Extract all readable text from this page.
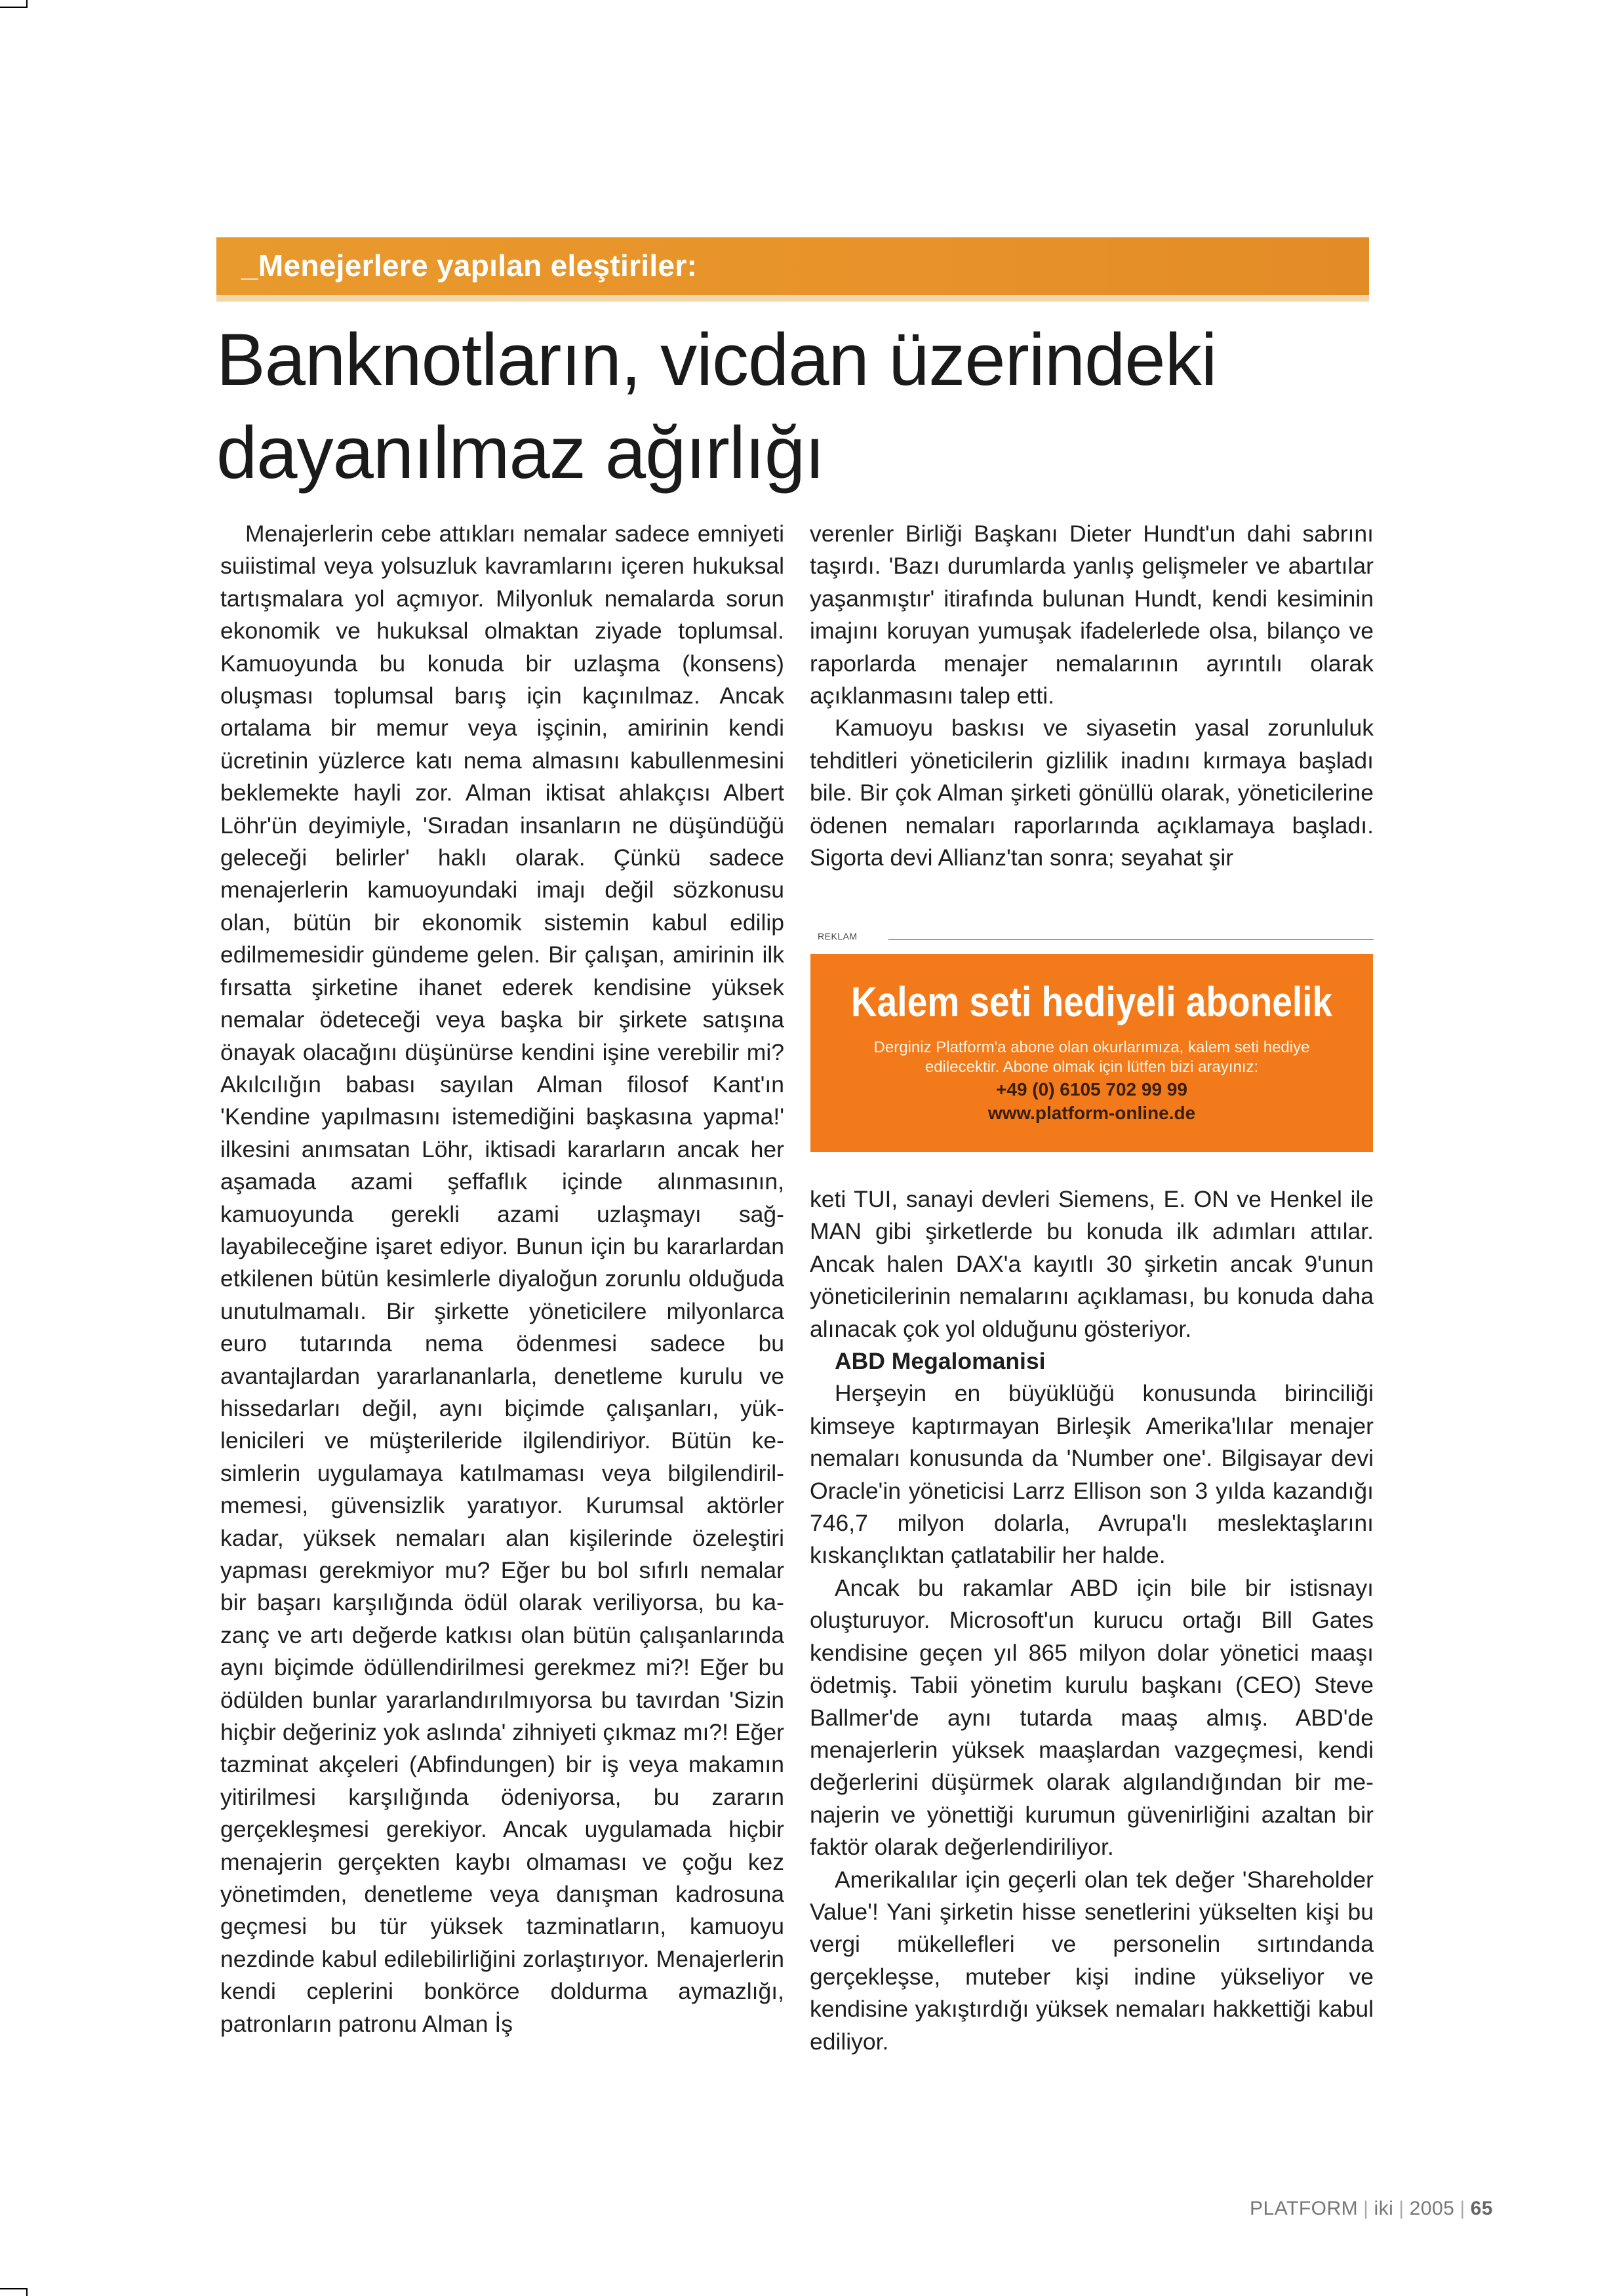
_Menejerlere yapılan eleştiriler:
Banknotların, vicdan üzerindeki
dayanılmaz ağırlığı

Menajerlerin cebe attıkları nemalar sadece emniyeti suiistimal veya yolsuzluk kavramlarını içeren hukuksal tartışmalara yol açmıyor. Milyonluk nemalarda sorun ekonomik ve hukuksal olmaktan ziyade toplumsal. Kamuoyunda bu konuda bir uzlaşma (konsens) oluşması toplumsal barış için kaçınılmaz. Ancak ortalama bir memur veya işçinin, amirinin kendi ücretinin yüzlerce katı nema almasını kabullenmesini beklemekte hayli zor. Alman iktisat ahlakçısı Albert Löhr'ün deyimiyle, 'Sıradan insanların ne düşündüğü geleceği belirler' haklı olarak. Çünkü sadece menajerlerin kamuoyundaki imajı değil sözkonusu olan, bütün bir ekonomik sistemin kabul edilip edilmemesidir gündeme gelen. Bir çalışan, amirinin ilk fırsatta şirketine ihanet ederek kendisine yüksek nemalar ödeteceği veya başka bir şirkete satışına önayak olacağını düşünürse kendini işine verebilir mi? Akılcılığın babası sayılan Alman filosof Kant'ın 'Kendine yapılmasını istemediğini başkasına yapma!' ilkesini anımsatan Löhr, iktisadi kararların ancak her aşamada azami şeffaflık içinde alınmasının, kamuoyunda gerekli azami uzlaşmayı sağlayabileceğine işaret ediyor. Bunun için bu kararlardan etkilenen bütün kesimlerle diyaloğun zorunlu olduğuda unutulmamalı. Bir şirkette yöneticilere milyonlarca euro tutarında nema ödenmesi sadece bu avantajlardan yararlananlarla, denetleme kurulu ve hissedarları değil, aynı biçimde çalışanları, yüklenicileri ve müşterileride ilgilendiriyor. Bütün kesimlerin uygulamaya katılmaması veya bilgilendirilmemesi, güvensizlik yaratıyor. Kurumsal aktörler kadar, yüksek nemaları alan kişilerinde özeleştiri yapması gerekmiyor mu? Eğer bu bol sıfırlı nemalar bir başarı karşılığında ödül olarak veriliyorsa, bu kazanç ve artı değerde katkısı olan bütün çalışanlarında aynı biçimde ödüllendirilmesi gerekmez mi?! Eğer bu ödülden bunlar yararlandırılmıyorsa bu tavırdan 'Sizin hiçbir değeriniz yok aslında' zihniyeti çıkmaz mı?! Eğer tazminat akçeleri (Abfindungen) bir iş veya makamın yitirilmesi karşılığında ödeniyorsa, bu zararın gerçekleşmesi gerekiyor. Ancak uygulamada hiçbir menajerin gerçekten kaybı olmaması ve çoğu kez yönetimden, denetleme veya danışman kadrosuna geçmesi bu tür yüksek tazminatların, kamuoyu nezdinde kabul edilebilirliğini zorlaştırıyor. Menajerlerin kendi ceplerini bonkörce doldurma aymazlığı, patronların patronu Alman İş

verenler Birliği Başkanı Dieter Hundt'un dahi sabrını taşırdı. 'Bazı durumlarda yanlış gelişmeler ve abartılar yaşanmıştır' itirafında bulunan Hundt, kendi kesiminin imajını koruyan yumuşak ifadelerlede olsa, bilanço ve raporlarda menajer nemalarının ayrıntılı olarak açıklanmasını talep etti.

Kamuoyu baskısı ve siyasetin yasal zorunluluk tehditleri yöneticilerin gizlilik inadını kırmaya başladı bile. Bir çok Alman şirketi gönüllü olarak, yöneticilerine ödenen nemaları raporlarında açıklamaya başladı. Sigorta devi Allianz'tan sonra; seyahat şir

REKLAM
Kalem seti hediyeli abonelik
Derginiz Platform'a abone olan okurlarımıza, kalem seti hediye
edilecektir. Abone olmak için lütfen bizi arayınız:
+49 (0) 6105 702 99 99
www.platform-online.de

keti TUI, sanayi devleri Siemens, E. ON ve Henkel ile MAN gibi şirketlerde bu konuda ilk adımları attılar. Ancak halen DAX'a kayıtlı 30 şirketin ancak 9'unun yöneticilerinin nemalarını açıklaması, bu konuda daha alınacak çok yol olduğunu gösteriyor.

ABD Megalomanisi

Herşeyin en büyüklüğü konusunda birinciliği kimseye kaptırmayan Birleşik Amerika'lılar menajer nemaları konusunda da 'Number one'. Bilgisayar devi Oracle'in yöneticisi Larrz Ellison son 3 yılda kazandığı 746,7 milyon dolarla, Avrupa'lı meslektaşlarını kıskançlıktan çatlatabilir her halde.

Ancak bu rakamlar ABD için bile bir istisnayı oluşturuyor. Microsoft'un kurucu ortağı Bill Gates kendisine geçen yıl 865 milyon dolar yönetici maaşı ödetmiş. Tabii yönetim kurulu başkanı (CEO) Steve Ballmer'de aynı tutarda maaş almış. ABD'de menajerlerin yüksek maaşlardan vazgeçmesi, kendi değerlerini düşürmek olarak algılandığından bir menajerin ve yönettiği kurumun güvenirliğini azaltan bir faktör olarak değerlendiriliyor.

Amerikalılar için geçerli olan tek değer 'Shareholder Value'! Yani şirketin hisse senetlerini yükselten kişi bu vergi mükellefleri ve personelin sırtındanda gerçekleşse, muteber kişi indine yükseliyor ve kendisine yakıştırdığı yüksek nemaları hakkettiği kabul ediliyor.

PLATFORM | iki | 2005 | 65
